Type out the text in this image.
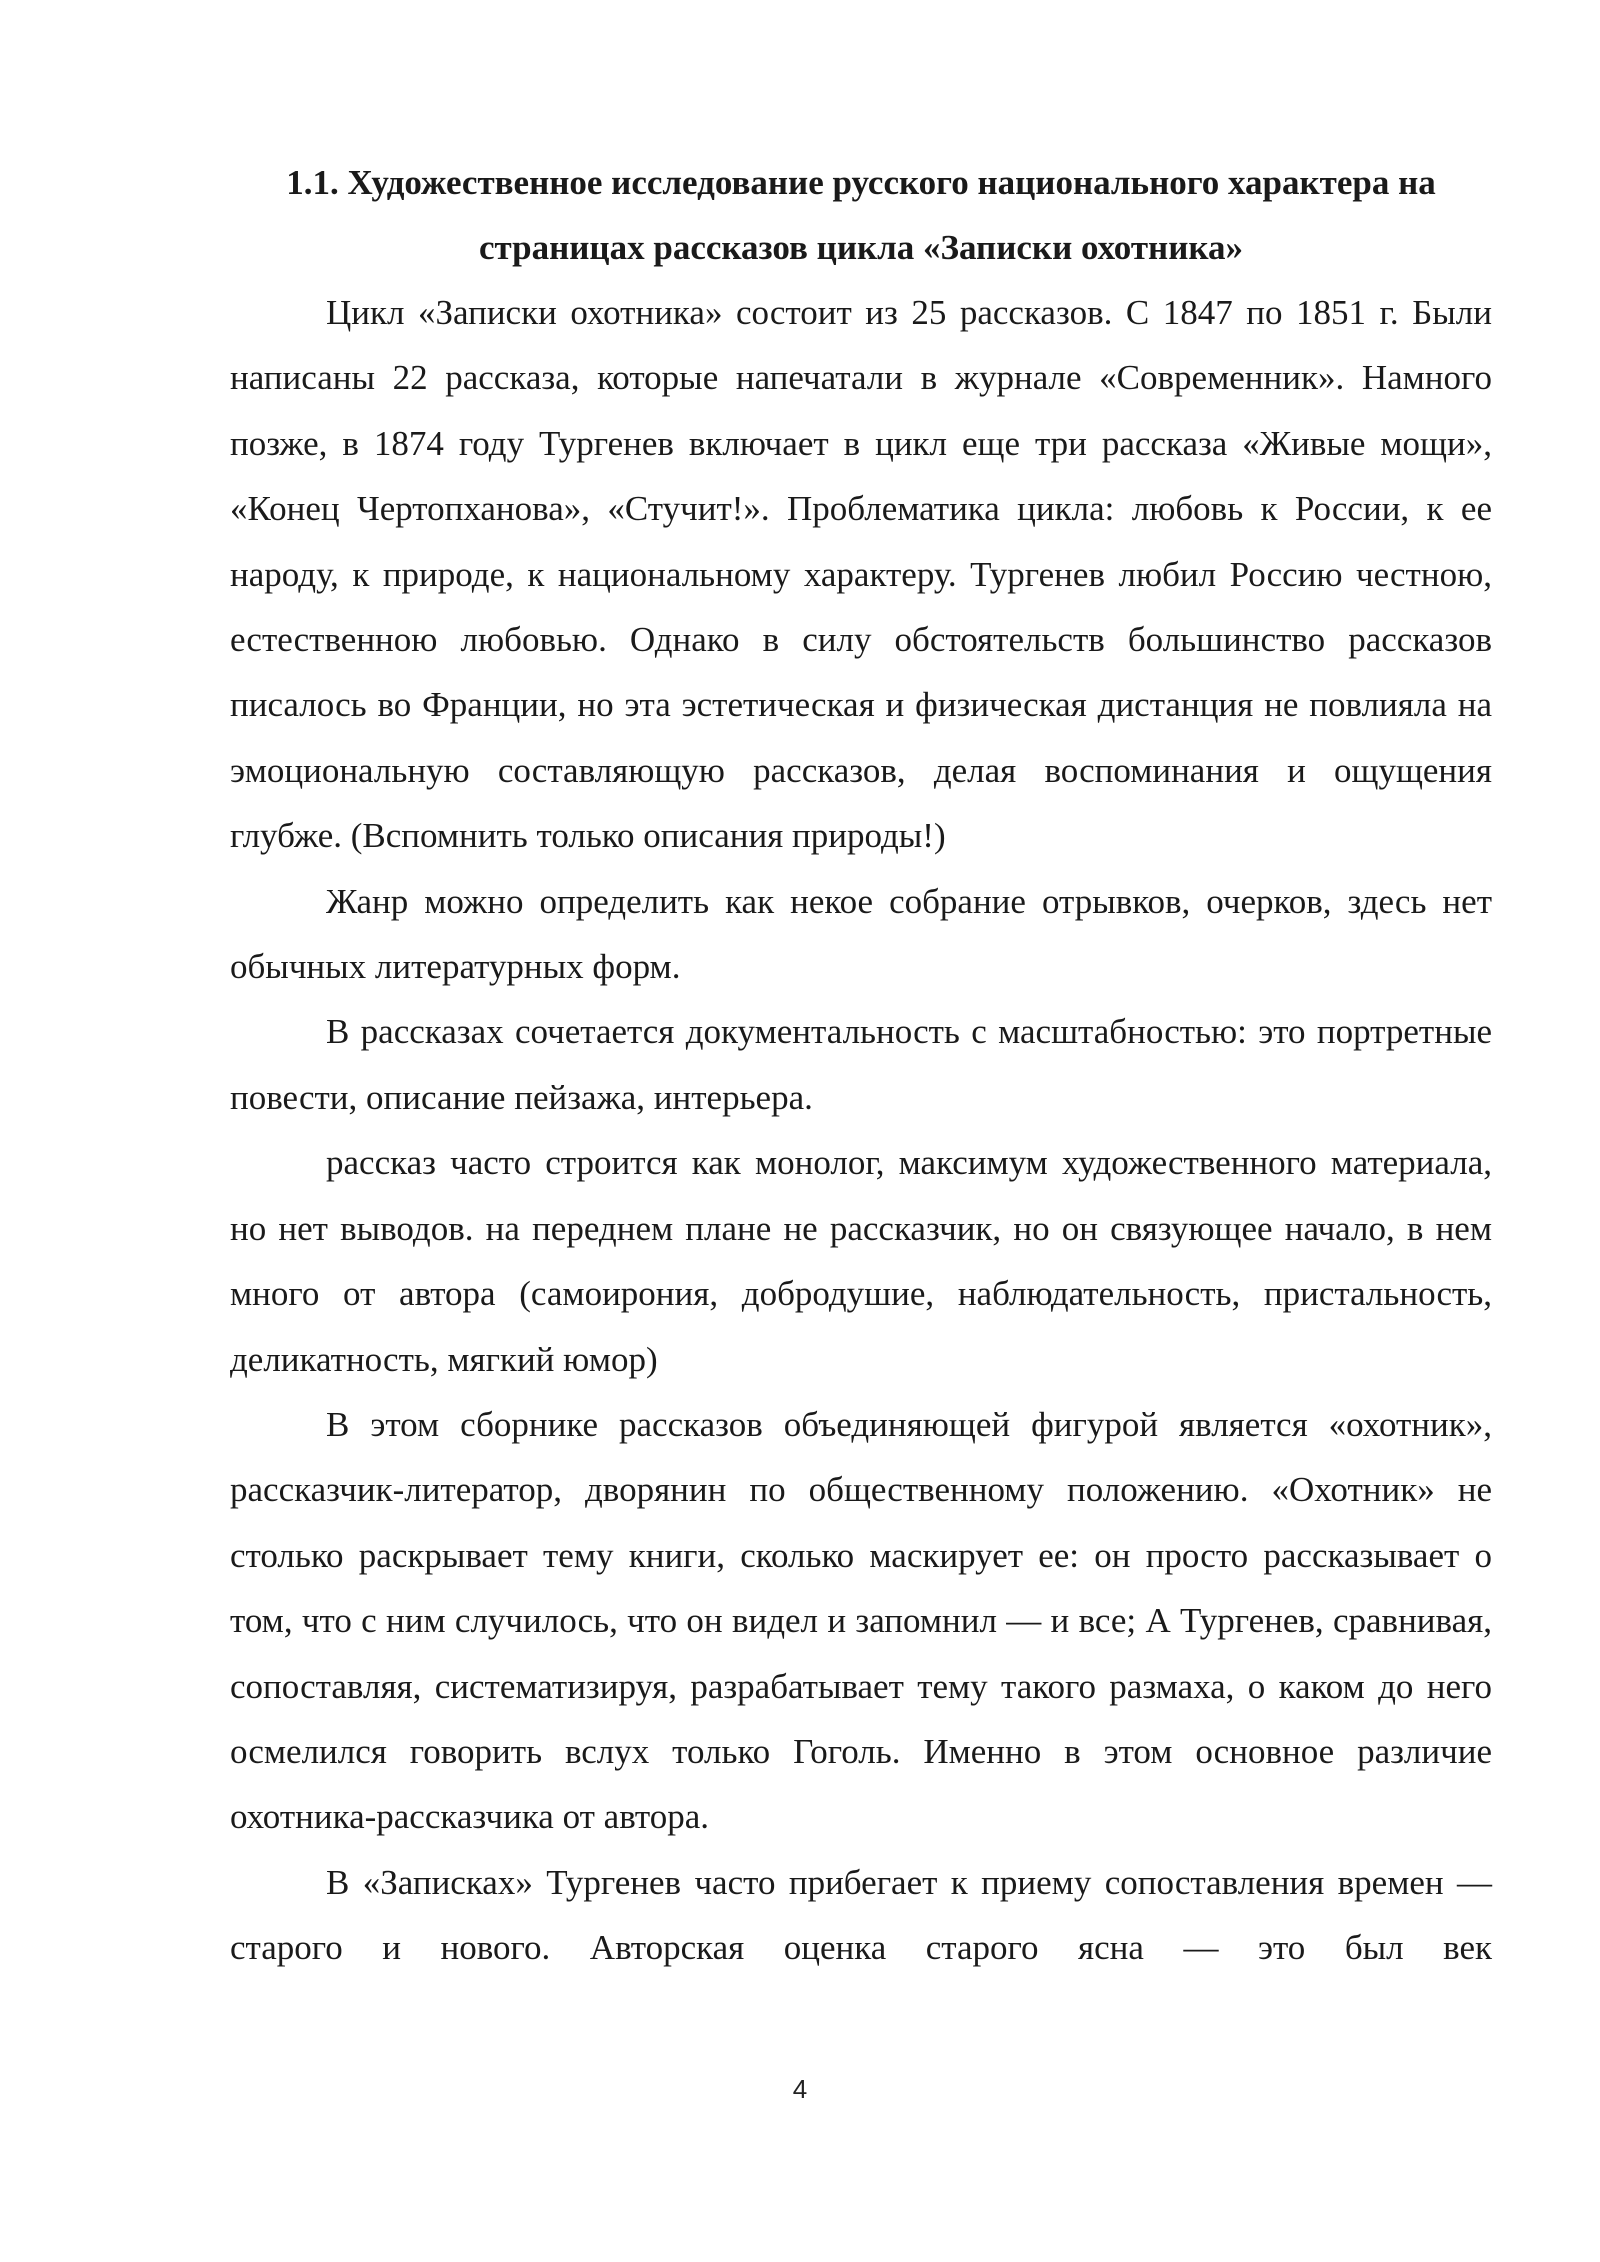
1.1. Художественное исследование русского национального характера на страницах рассказов цикла «Записки охотника»

Цикл «Записки охотника» состоит из 25 рассказов. С 1847 по 1851 г. Были написаны 22 рассказа, которые напечатали в журнале «Современник». Намного позже, в 1874 году Тургенев включает в цикл еще три рассказа «Живые мощи», «Конец Чертопханова», «Стучит!». Проблематика цикла: любовь к России, к ее народу, к природе, к национальному характеру. Тургенев любил Россию честною, естественною любовью. Однако в силу обстоятельств большинство рассказов писалось во Франции, но эта эстетическая и физическая дистанция не повлияла на эмоциональную составляющую рассказов, делая воспоминания и ощущения глубже. (Вспомнить только описания природы!)

Жанр можно определить как некое собрание отрывков, очерков, здесь нет обычных литературных форм.

В рассказах сочетается документальность с масштабностью: это портретные повести, описание пейзажа, интерьера.

рассказ часто строится как монолог, максимум художественного материала, но нет выводов. на переднем плане не рассказчик, но он связующее начало, в нем много от автора (самоирония, добродушие, наблюдательность, пристальность, деликатность, мягкий юмор)

В этом сборнике рассказов объединяющей фигурой является «охотник», рассказчик-литератор, дворянин по общественному положению. «Охотник» не столько раскрывает тему книги, сколько маскирует ее: он просто рассказывает о том, что с ним случилось, что он видел и запомнил — и все; А Тургенев, сравнивая, сопоставляя, систематизируя, разрабатывает тему такого размаха, о каком до него осмелился говорить вслух только Гоголь. Именно в этом основное различие охотника-рассказчика от автора.

В «Записках» Тургенев часто прибегает к приему сопоставления времен — старого и нового. Авторская оценка старого ясна — это был век

4
